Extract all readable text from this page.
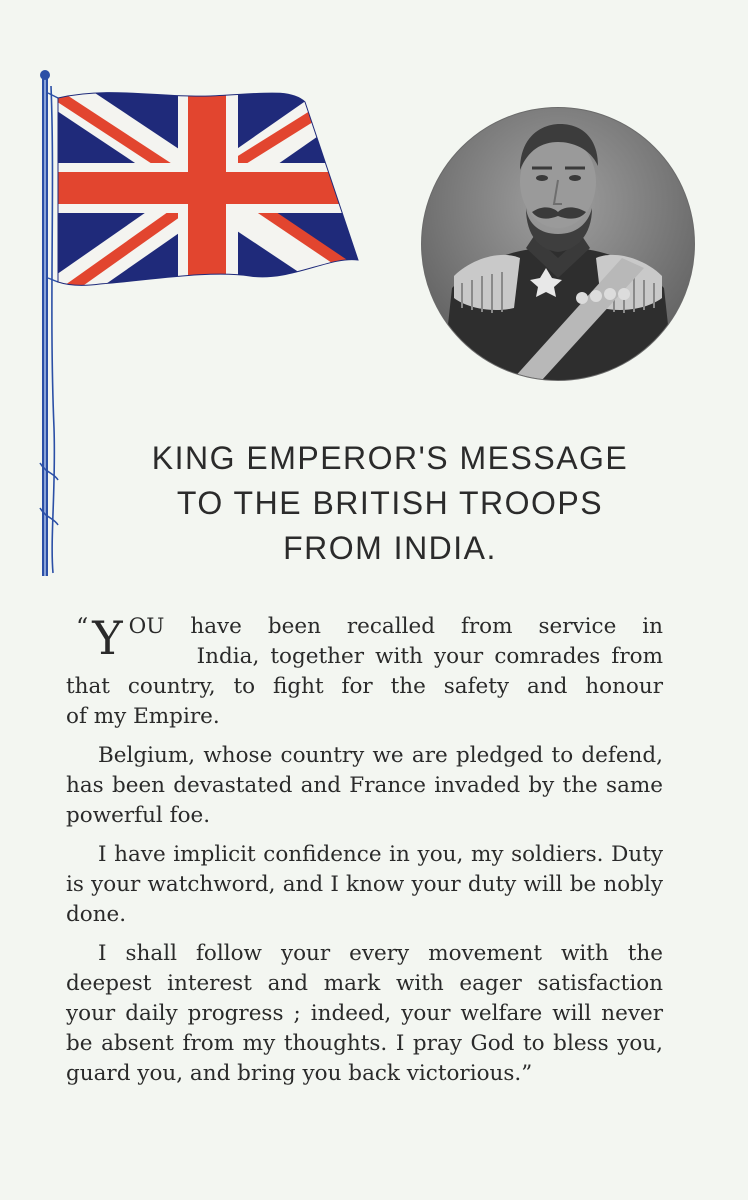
KING EMPEROR'S MESSAGE
TO THE BRITISH TROOPS
FROM INDIA.
“ Y OU have been recalled from service in
India, together with your comrades from
that country, to fight for the safety and honour
of my Empire.

Belgium, whose country we are pledged to defend, has been devastated and France invaded by the same powerful foe.

I have implicit confidence in you, my soldiers. Duty is your watchword, and I know your duty will be nobly done.

I shall follow your every movement with the deepest interest and mark with eager satisfaction your daily progress ; indeed, your welfare will never be absent from my thoughts. I pray God to bless you, guard you, and bring you back victorious.”
